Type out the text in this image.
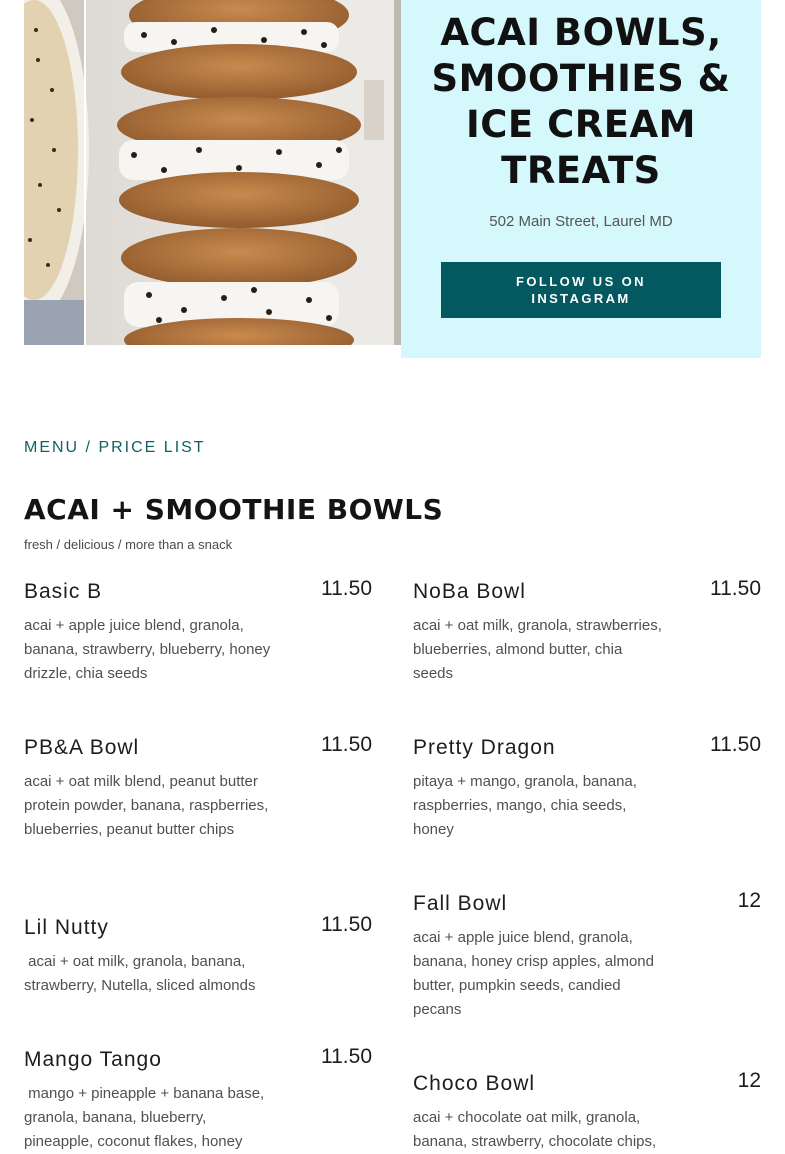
ACAI BOWLS, SMOOTHIES & ICE CREAM TREATS
502 Main Street, Laurel MD
FOLLOW US ON INSTAGRAM
MENU / PRICE LIST
ACAI + SMOOTHIE BOWLS
fresh / delicious / more than a snack
Basic B	11.50
acai + apple juice blend, granola, banana, strawberry, blueberry, honey drizzle, chia seeds
PB&A Bowl	11.50
acai + oat milk blend, peanut butter protein powder, banana, raspberries, blueberries, peanut butter chips
Lil Nutty	11.50
acai + oat milk, granola, banana, strawberry, Nutella, sliced almonds
Mango Tango	11.50
mango + pineapple + banana base, granola, banana, blueberry, pineapple, coconut flakes, honey
NoBa Bowl	11.50
acai + oat milk, granola, strawberries, blueberries, almond butter, chia seeds
Pretty Dragon	11.50
pitaya + mango, granola, banana, raspberries, mango, chia seeds, honey
Fall Bowl	12
acai + apple juice blend, granola, banana, honey crisp apples, almond butter, pumpkin seeds, candied pecans
Choco Bowl	12
acai + chocolate oat milk, granola, banana, strawberry, chocolate chips,
